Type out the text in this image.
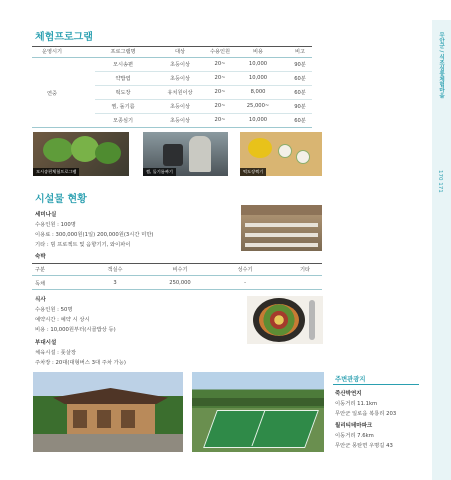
체험프로그램
운영시기	프로그램명	대상	수용인원	비용	비고
연중
모시송편	초등이상	20~	10,000	90분
약밥엽	초등이상	20~	10,000	60분
떡도장	유치원이상	20~	8,000	60분
찜, 돌기름	초등이상	20~	25,000~	90분
모종심기	초등이상	20~	10,000	60분
모시송편체험프로그램	찜, 돌기름짜기	떡도장찍기
시설물 현황
세미나실
수용인원 : 100명
이용료 : 300,000원(1일) 200,000원(3시간 미만)
기타 : 빔 프로젝트 및 음향기기, 와이파이
숙박
구분	객실수	비수기	성수기	기타
독채	3	250,000	-
식사
수용인원 : 50명
예약시간 : 예약 시 상시
비용 : 10,000원부터(시골밥상 등)
부대시설
체육시설 : 풋살장
주차장 : 20대(대형버스 3대 주차 가능)
주변관광지
죽산박연지
이동거리 11.1km
무안군 일로읍 복룡리 203
월리티테마파크
이동거리 7.6km
무안군 몽탄면 우명길 43
무안군 / 식조심봉체험마을
170 171
